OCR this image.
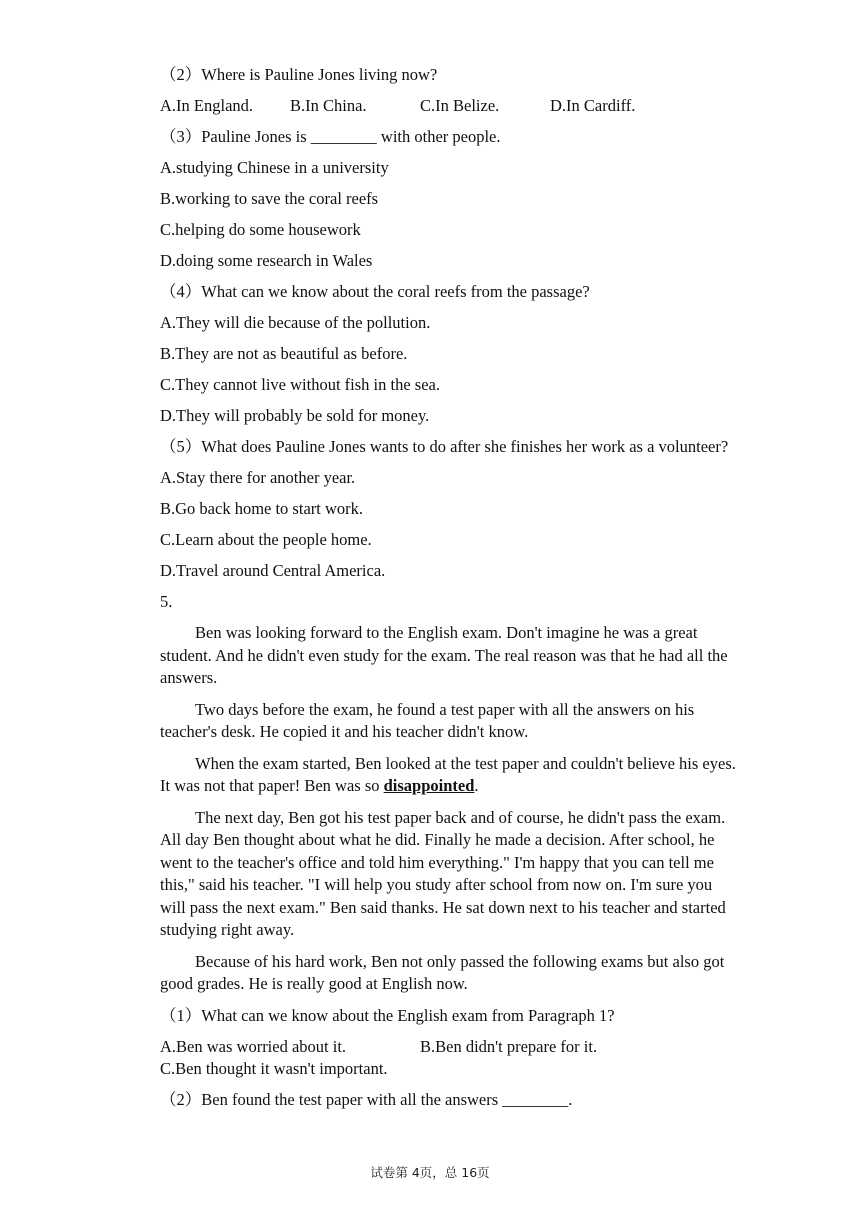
（2）Where is Pauline Jones living now?

A.In England.	B.In China.	C.In Belize.	D.In Cardiff.

（3）Pauline Jones is ________ with other people.

A.studying Chinese in a university

B.working to save the coral reefs

C.helping do some housework

D.doing some research in Wales

（4）What can we know about the coral reefs from the passage?

A.They will die because of the pollution.

B.They are not as beautiful as before.

C.They cannot live without fish in the sea.

D.They will probably be sold for money.

（5）What does Pauline Jones wants to do after she finishes her work as a volunteer?

A.Stay there for another year.

B.Go back home to start work.

C.Learn about the people home.

D.Travel around Central America.

5.

Ben was looking forward to the English exam. Don't imagine he was a great student. And he didn't even study for the exam. The real reason was that he had all the answers.

Two days before the exam, he found a test paper with all the answers on his teacher's desk. He copied it and his teacher didn't know.

When the exam started, Ben looked at the test paper and couldn't believe his eyes. It was not that paper! Ben was so disappointed.

The next day, Ben got his test paper back and of course, he didn't pass the exam. All day Ben thought about what he did. Finally he made a decision. After school, he went to the teacher's office and told him everything." I'm happy that you can tell me this," said his teacher. "I will help you study after school from now on. I'm sure you will pass the next exam." Ben said thanks. He sat down next to his teacher and started studying right away.

Because of his hard work, Ben not only passed the following exams but also got good grades. He is really good at English now.

（1）What can we know about the English exam from Paragraph 1?

A.Ben was worried about it.	B.Ben didn't prepare for it.

C.Ben thought it wasn't important.

（2）Ben found the test paper with all the answers ________.

试卷第 4页，总 16页
